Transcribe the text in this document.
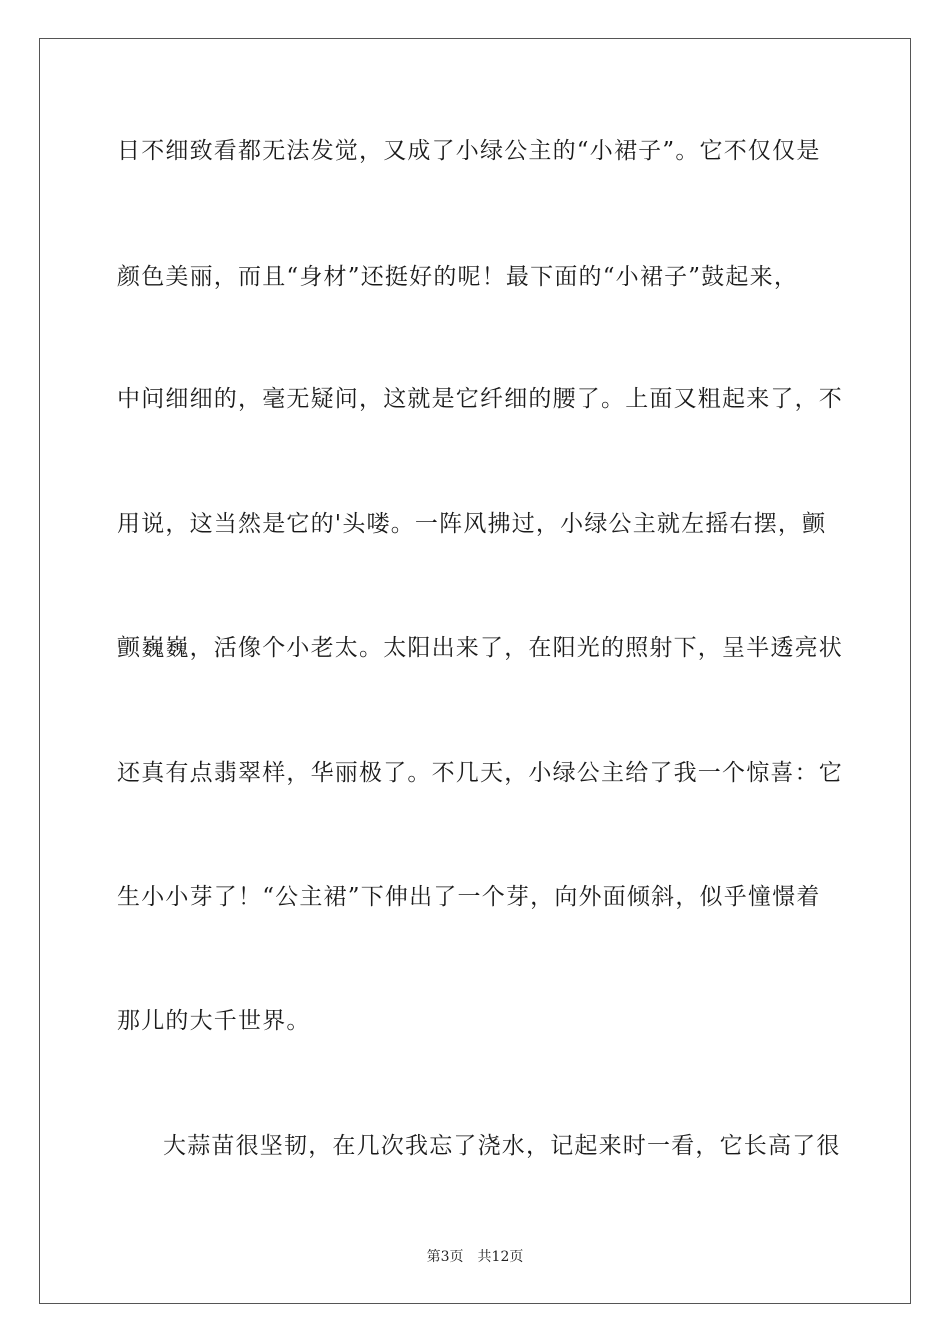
日不细致看都无法发觉，又成了小绿公主的“小裙子”。它不仅仅是
颜色美丽，而且“身材”还挺好的呢！最下面的“小裙子”鼓起来，
中问细细的，毫无疑问，这就是它纤细的腰了。上面又粗起来了，不
用说，这当然是它的'头喽。一阵风拂过，小绿公主就左摇右摆，颤
颤巍巍，活像个小老太。太阳出来了，在阳光的照射下，呈半透亮状
还真有点翡翠样，华丽极了。不几天，小绿公主给了我一个惊喜：它
生小小芽了！“公主裙”下伸出了一个芽，向外面倾斜，似乎憧憬着
那儿的大千世界。
大蒜苗很坚韧，在几次我忘了浇水，记起来时一看，它长高了很
第3页 共12页
